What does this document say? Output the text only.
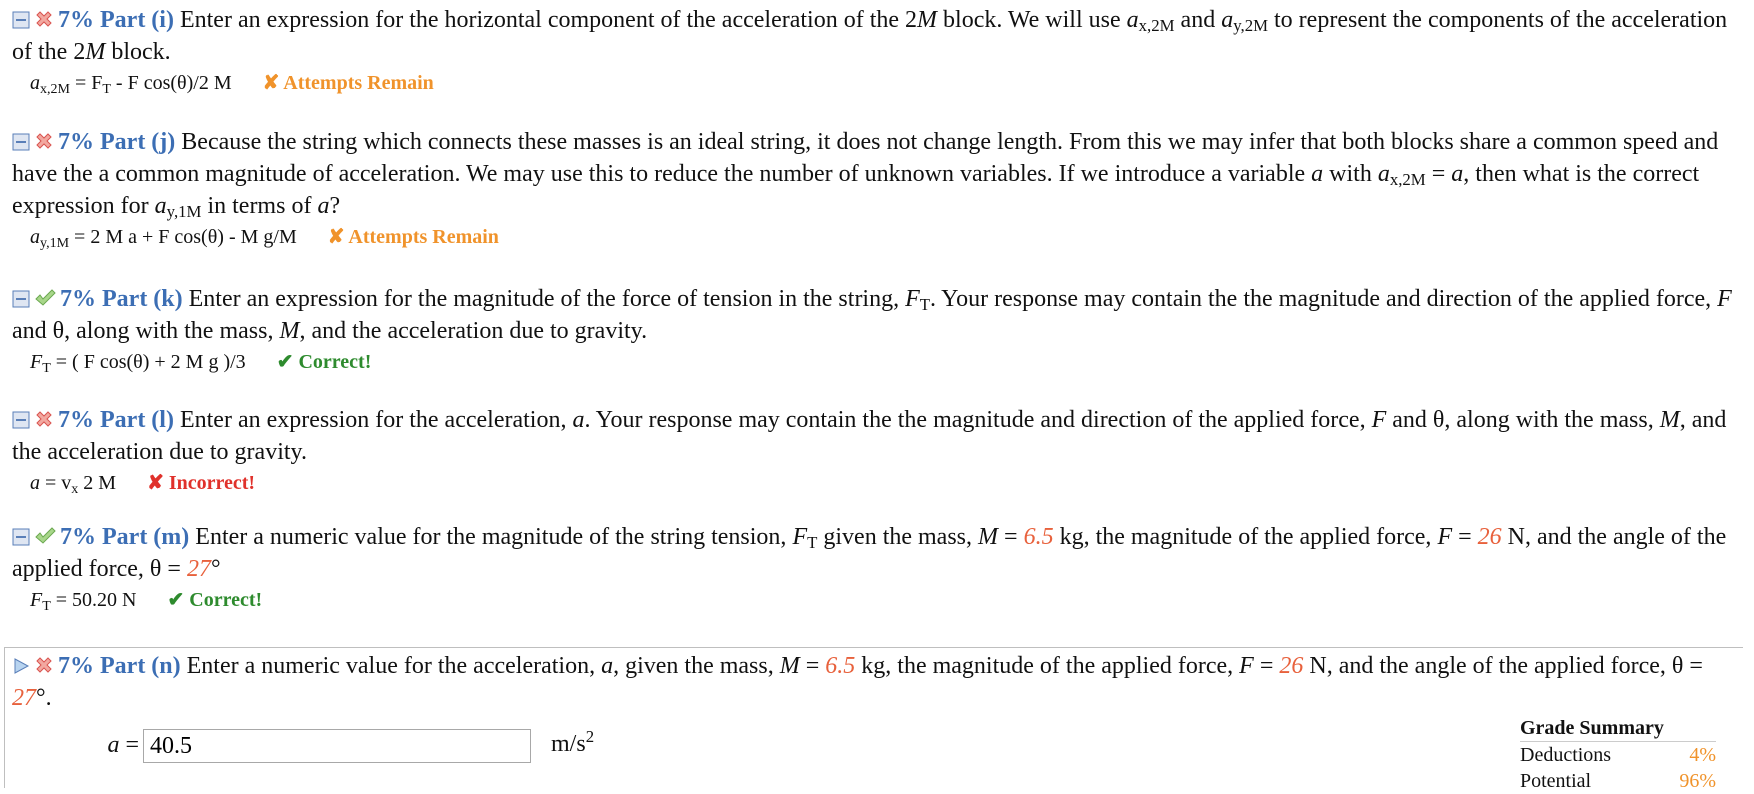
7% Part (i) Enter an expression for the horizontal component of the acceleration of the 2M block. We will use $a_{x,2M}$ and $a_{y,2M}$ to represent the components of the acceleration of the 2M block.
$a_{x,2M} = F_T - F$ cos(θ)/2 M ✘ Attempts Remain
7% Part (j) Because the string which connects these masses is an ideal string, it does not change length. From this we may infer that both blocks share a common speed and have the a common magnitude of acceleration. We may use this to reduce the number of unknown variables. If we introduce a variable a with $a_{x,2M} = a$, then what is the correct expression for $a_{y,1M}$ in terms of a?
$a_{y,1M} = 2$ M a + F cos(θ) - M g/M ✘ Attempts Remain
7% Part (k) Enter an expression for the magnitude of the force of tension in the string, $F_T$. Your response may contain the the magnitude and direction of the applied force, F and θ, along with the mass, M, and the acceleration due to gravity.
$F_T$ = ( F cos(θ) + 2 M g )/3 ✔ Correct!
7% Part (l) Enter an expression for the acceleration, a. Your response may contain the the magnitude and direction of the applied force, F and θ, along with the mass, M, and the acceleration due to gravity.
$a = v_x$ 2 M ✘ Incorrect!
7% Part (m) Enter a numeric value for the magnitude of the string tension, $F_T$ given the mass, M = 6.5 kg, the magnitude of the applied force, F = 26 N, and the angle of the applied force, θ = 27°
$F_T = 50.20$ N ✔ Correct!
7% Part (n) Enter a numeric value for the acceleration, a, given the mass, M = 6.5 kg, the magnitude of the applied force, F = 26 N, and the angle of the applied force, θ = 27°.
a =40.5	$m/s^2$	Grade Summary
Deductions	4%
Potential	96%
